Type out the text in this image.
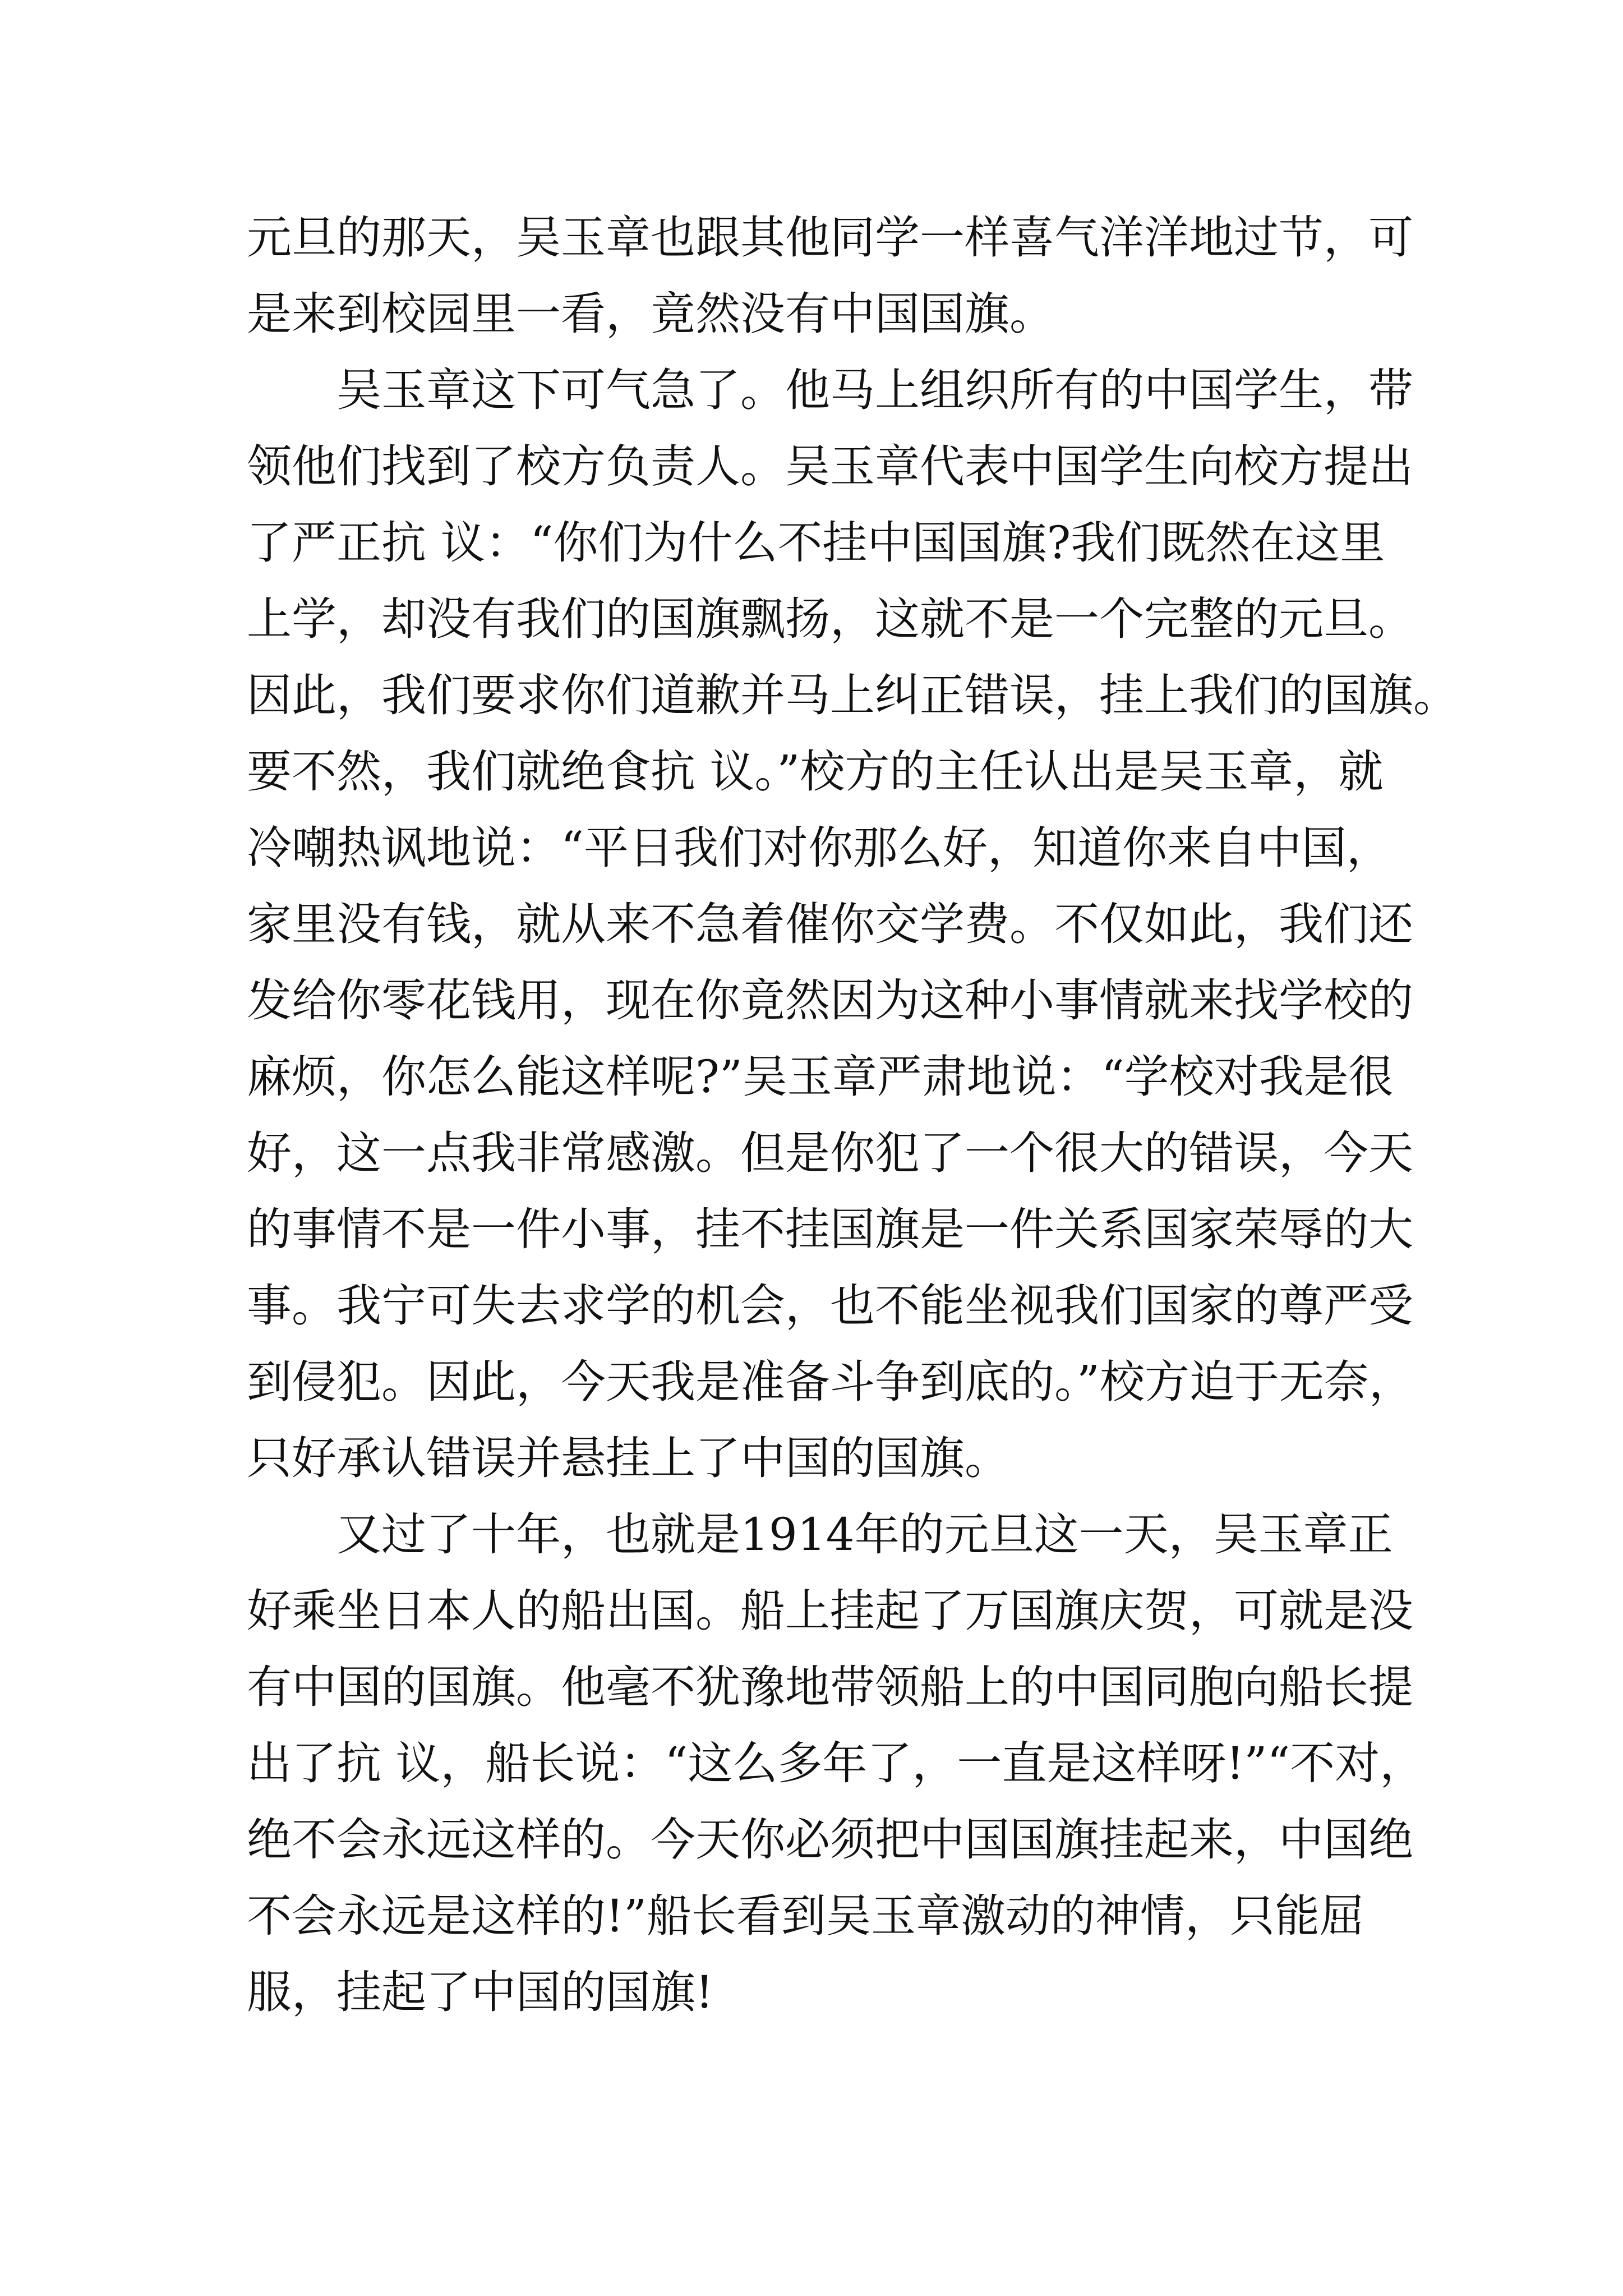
元旦的那天，吴玉章也跟其他同学一样喜气洋洋地过节，可
是来到校园里一看，竟然没有中国国旗。
吴玉章这下可气急了。他马上组织所有的中国学生，带
领他们找到了校方负责人。吴玉章代表中国学生向校方提出
了严正抗 议：“你们为什么不挂中国国旗?我们既然在这里
上学，却没有我们的国旗飘扬，这就不是一个完整的元旦。
因此，我们要求你们道歉并马上纠正错误，挂上我们的国旗。
要不然，我们就绝食抗 议。”校方的主任认出是吴玉章，就
冷嘲热讽地说：“平日我们对你那么好，知道你来自中国，
家里没有钱，就从来不急着催你交学费。不仅如此，我们还
发给你零花钱用，现在你竟然因为这种小事情就来找学校的
麻烦，你怎么能这样呢?”吴玉章严肃地说：“学校对我是很
好，这一点我非常感激。但是你犯了一个很大的错误，今天
的事情不是一件小事，挂不挂国旗是一件关系国家荣辱的大
事。我宁可失去求学的机会，也不能坐视我们国家的尊严受
到侵犯。因此，今天我是准备斗争到底的。”校方迫于无奈，
只好承认错误并悬挂上了中国的国旗。
又过了十年，也就是1914年的元旦这一天，吴玉章正
好乘坐日本人的船出国。船上挂起了万国旗庆贺，可就是没
有中国的国旗。他毫不犹豫地带领船上的中国同胞向船长提
出了抗 议，船长说：“这么多年了，一直是这样呀!”“不对，
绝不会永远这样的。今天你必须把中国国旗挂起来，中国绝
不会永远是这样的!”船长看到吴玉章激动的神情，只能屈
服，挂起了中国的国旗!
